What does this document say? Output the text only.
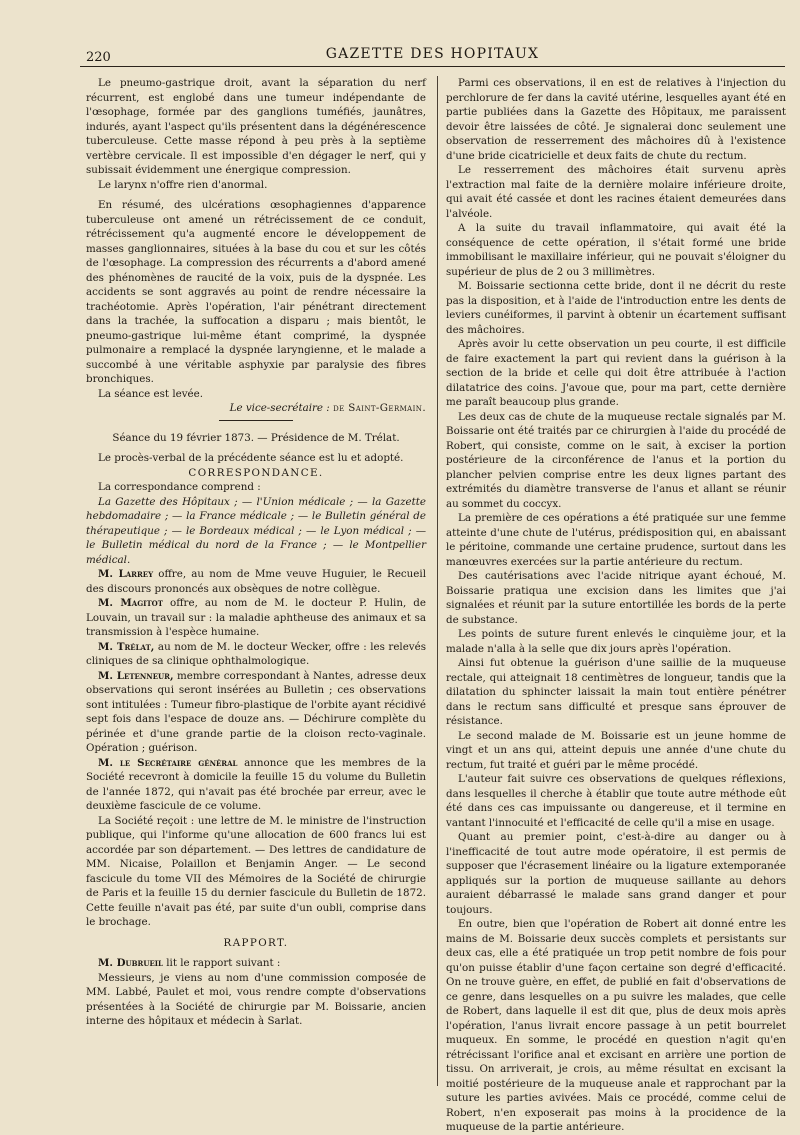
220	GAZETTE DES HOPITAUX

Le pneumo-gastrique droit, avant la séparation du nerf récurrent, est englobé dans une tumeur indépendante de l'œsophage, formée par des ganglions tuméfiés, jaunâtres, indurés, ayant l'aspect qu'ils présentent dans la dégénérescence tuberculeuse. Cette masse répond à peu près à la septième vertèbre cervicale. Il est impossible d'en dégager le nerf, qui y subissait évidemment une énergique compression.

Le larynx n'offre rien d'anormal.

En résumé, des ulcérations œsophagiennes d'apparence tuberculeuse ont amené un rétrécissement de ce conduit, rétrécissement qu'a augmenté encore le développement de masses ganglionnaires, situées à la base du cou et sur les côtés de l'œsophage. La compression des récurrents a d'abord amené des phénomènes de raucité de la voix, puis de la dyspnée. Les accidents se sont aggravés au point de rendre nécessaire la trachéotomie. Après l'opération, l'air pénétrant directement dans la trachée, la suffocation a disparu ; mais bientôt, le pneumo-gastrique lui-même étant comprimé, la dyspnée pulmonaire a remplacé la dyspnée laryngienne, et le malade a succombé à une véritable asphyxie par paralysie des fibres bronchiques.

La séance est levée.

Le vice-secrétaire : de Saint-Germain.

Séance du 19 février 1873. — Présidence de M. Trélat.

Le procès-verbal de la précédente séance est lu et adopté.

CORRESPONDANCE.

La correspondance comprend :

La Gazette des Hôpitaux ; — l'Union médicale ; — la Gazette hebdomadaire ; — la France médicale ; — le Bulletin général de thérapeutique ; — le Bordeaux médical ; — le Lyon médical ; — le Bulletin médical du nord de la France ; — le Montpellier médical.

M. Larrey offre, au nom de Mme veuve Huguier, le Recueil des discours prononcés aux obsèques de notre collègue.

M. Magitot offre, au nom de M. le docteur P. Hulin, de Louvain, un travail sur : la maladie aphtheuse des animaux et sa transmission à l'espèce humaine.

M. Trélat, au nom de M. le docteur Wecker, offre : les relevés cliniques de sa clinique ophthalmologique.

M. Letenneur, membre correspondant à Nantes, adresse deux observations qui seront insérées au Bulletin ; ces observations sont intitulées : Tumeur fibro-plastique de l'orbite ayant récidivé sept fois dans l'espace de douze ans. — Déchirure complète du périnée et d'une grande partie de la cloison recto-vaginale. Opération ; guérison.

M. le Secrétaire général annonce que les membres de la Société recevront à domicile la feuille 15 du volume du Bulletin de l'année 1872, qui n'avait pas été brochée par erreur, avec le deuxième fascicule de ce volume.

La Société reçoit : une lettre de M. le ministre de l'instruction publique, qui l'informe qu'une allocation de 600 francs lui est accordée par son département. — Des lettres de candidature de MM. Nicaise, Polaillon et Benjamin Anger. — Le second fascicule du tome VII des Mémoires de la Société de chirurgie de Paris et la feuille 15 du dernier fascicule du Bulletin de 1872. Cette feuille n'avait pas été, par suite d'un oubli, comprise dans le brochage.

RAPPORT.

M. Dubrueil lit le rapport suivant :

Messieurs, je viens au nom d'une commission composée de MM. Labbé, Paulet et moi, vous rendre compte d'observations présentées à la Société de chirurgie par M. Boissarie, ancien interne des hôpitaux et médecin à Sarlat.

Parmi ces observations, il en est de relatives à l'injection du perchlorure de fer dans la cavité utérine, lesquelles ayant été en partie publiées dans la Gazette des Hôpitaux, me paraissent devoir être laissées de côté. Je signalerai donc seulement une observation de resserrement des mâchoires dû à l'existence d'une bride cicatricielle et deux faits de chute du rectum.

Le resserrement des mâchoires était survenu après l'extraction mal faite de la dernière molaire inférieure droite, qui avait été cassée et dont les racines étaient demeurées dans l'alvéole.

A la suite du travail inflammatoire, qui avait été la conséquence de cette opération, il s'était formé une bride immobilisant le maxillaire inférieur, qui ne pouvait s'éloigner du supérieur de plus de 2 ou 3 millimètres.

M. Boissarie sectionna cette bride, dont il ne décrit du reste pas la disposition, et à l'aide de l'introduction entre les dents de leviers cunéiformes, il parvint à obtenir un écartement suffisant des mâchoires.

Après avoir lu cette observation un peu courte, il est difficile de faire exactement la part qui revient dans la guérison à la section de la bride et celle qui doit être attribuée à l'action dilatatrice des coins. J'avoue que, pour ma part, cette dernière me paraît beaucoup plus grande.

Les deux cas de chute de la muqueuse rectale signalés par M. Boissarie ont été traités par ce chirurgien à l'aide du procédé de Robert, qui consiste, comme on le sait, à exciser la portion postérieure de la circonférence de l'anus et la portion du plancher pelvien comprise entre les deux lignes partant des extrémités du diamètre transverse de l'anus et allant se réunir au sommet du coccyx.

La première de ces opérations a été pratiquée sur une femme atteinte d'une chute de l'utérus, prédisposition qui, en abaissant le péritoine, commande une certaine prudence, surtout dans les manœuvres exercées sur la partie antérieure du rectum.

Des cautérisations avec l'acide nitrique ayant échoué, M. Boissarie pratiqua une excision dans les limites que j'ai signalées et réunit par la suture entortillée les bords de la perte de substance.

Les points de suture furent enlevés le cinquième jour, et la malade n'alla à la selle que dix jours après l'opération.

Ainsi fut obtenue la guérison d'une saillie de la muqueuse rectale, qui atteignait 18 centimètres de longueur, tandis que la dilatation du sphincter laissait la main tout entière pénétrer dans le rectum sans difficulté et presque sans éprouver de résistance.

Le second malade de M. Boissarie est un jeune homme de vingt et un ans qui, atteint depuis une année d'une chute du rectum, fut traité et guéri par le même procédé.

L'auteur fait suivre ces observations de quelques réflexions, dans lesquelles il cherche à établir que toute autre méthode eût été dans ces cas impuissante ou dangereuse, et il termine en vantant l'innocuité et l'efficacité de celle qu'il a mise en usage.

Quant au premier point, c'est-à-dire au danger ou à l'inefficacité de tout autre mode opératoire, il est permis de supposer que l'écrasement linéaire ou la ligature extemporanée appliqués sur la portion de muqueuse saillante au dehors auraient débarrassé le malade sans grand danger et pour toujours.

En outre, bien que l'opération de Robert ait donné entre les mains de M. Boissarie deux succès complets et persistants sur deux cas, elle a été pratiquée un trop petit nombre de fois pour qu'on puisse établir d'une façon certaine son degré d'efficacité. On ne trouve guère, en effet, de publié en fait d'observations de ce genre, dans lesquelles on a pu suivre les malades, que celle de Robert, dans laquelle il est dit que, plus de deux mois après l'opération, l'anus livrait encore passage à un petit bourrelet muqueux. En somme, le procédé en question n'agit qu'en rétrécissant l'orifice anal et excisant en arrière une portion de tissu. On arriverait, je crois, au même résultat en excisant la moitié postérieure de la muqueuse anale et rapprochant par la suture les parties avivées. Mais ce procédé, comme celui de Robert, n'en exposerait pas moins à la procidence de la muqueuse de la partie antérieure.
